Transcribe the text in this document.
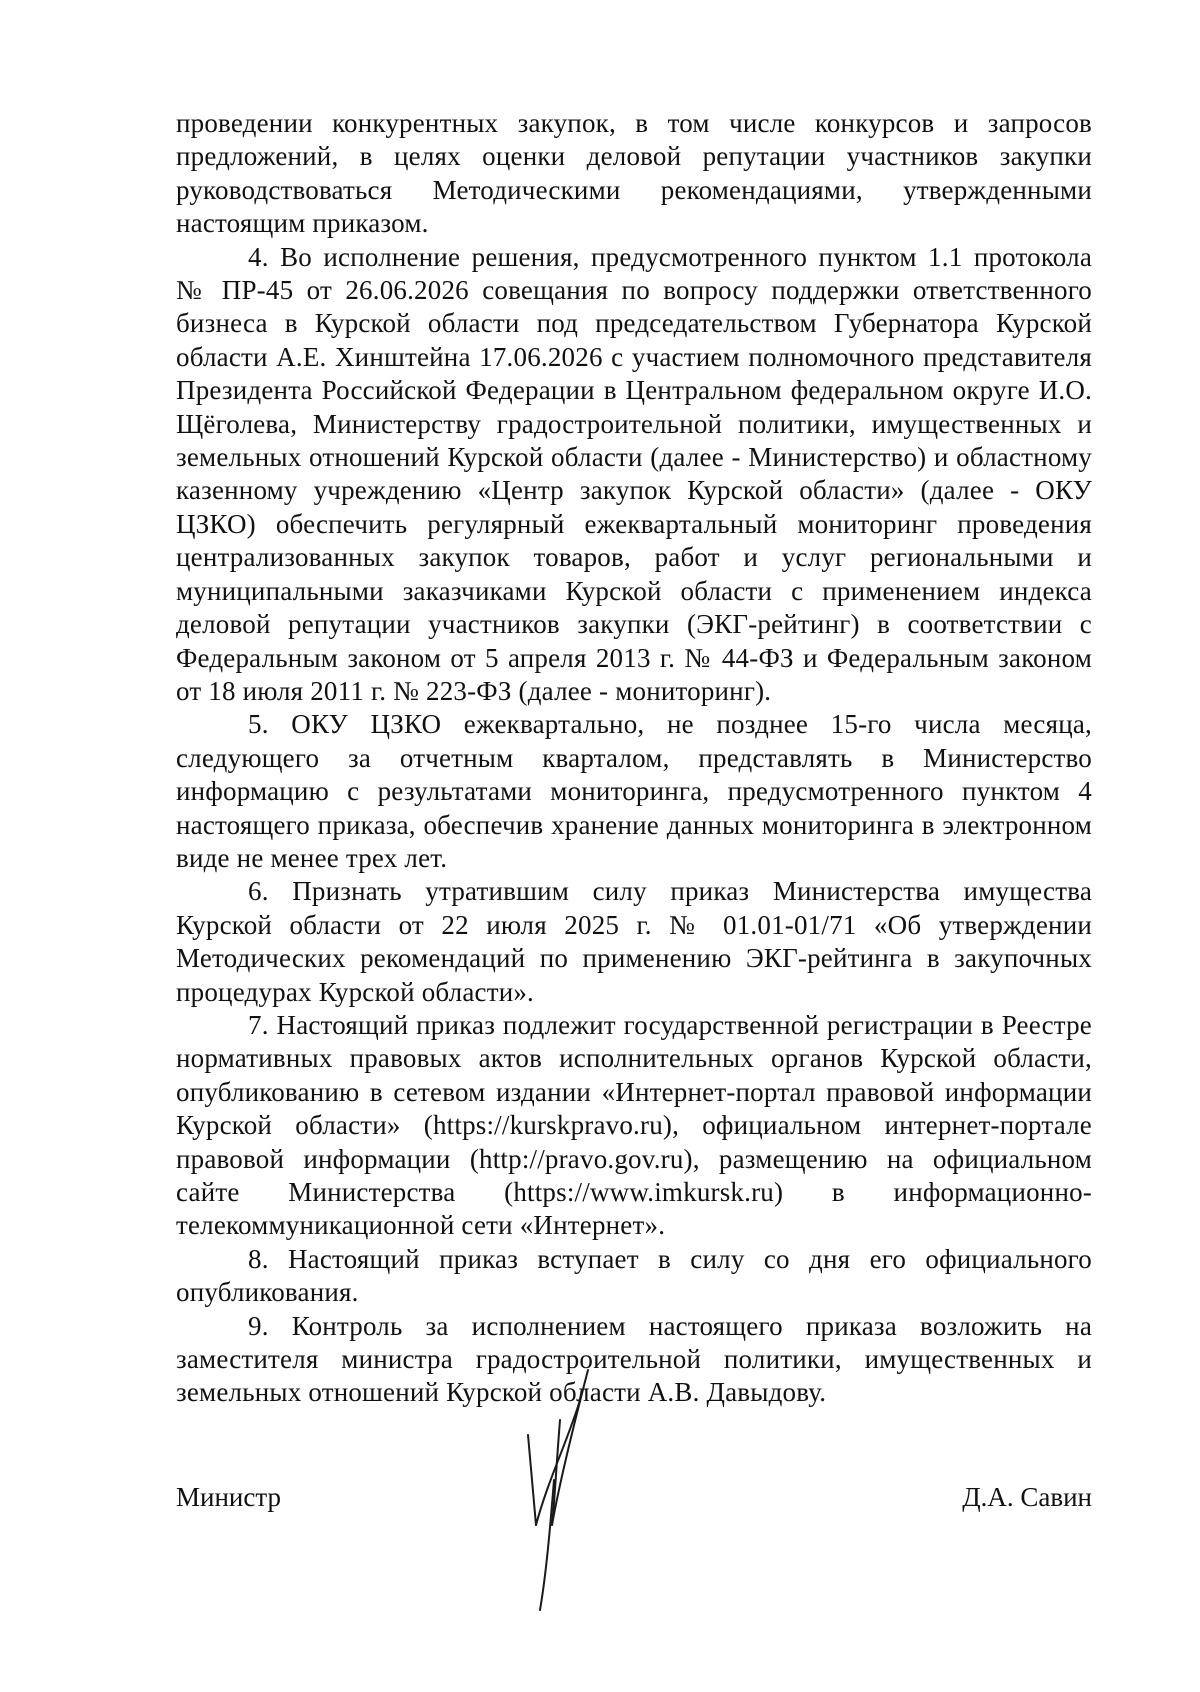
проведении конкурентных закупок, в том числе конкурсов и запросов предложений, в целях оценки деловой репутации участников закупки руководствоваться Методическими рекомендациями, утвержденными настоящим приказом.

4. Во исполнение решения, предусмотренного пунктом 1.1 протокола № ПР-45 от 26.06.2026 совещания по вопросу поддержки ответственного бизнеса в Курской области под председательством Губернатора Курской области А.Е. Хинштейна 17.06.2026 с участием полномочного представителя Президента Российской Федерации в Центральном федеральном округе И.О. Щёголева, Министерству градостроительной политики, имущественных и земельных отношений Курской области (далее - Министерство) и областному казенному учреждению «Центр закупок Курской области» (далее - ОКУ ЦЗКО) обеспечить регулярный ежеквартальный мониторинг проведения централизованных закупок товаров, работ и услуг региональными и муниципальными заказчиками Курской области с применением индекса деловой репутации участников закупки (ЭКГ-рейтинг) в соответствии с Федеральным законом от 5 апреля 2013 г. № 44-ФЗ и Федеральным законом от 18 июля 2011 г. № 223-ФЗ (далее - мониторинг).

5. ОКУ ЦЗКО ежеквартально, не позднее 15-го числа месяца, следующего за отчетным кварталом, представлять в Министерство информацию с результатами мониторинга, предусмотренного пунктом 4 настоящего приказа, обеспечив хранение данных мониторинга в электронном виде не менее трех лет.

6. Признать утратившим силу приказ Министерства имущества Курской области от 22 июля 2025 г. № 01.01-01/71 «Об утверждении Методических рекомендаций по применению ЭКГ-рейтинга в закупочных процедурах Курской области».

7. Настоящий приказ подлежит государственной регистрации в Реестре нормативных правовых актов исполнительных органов Курской области, опубликованию в сетевом издании «Интернет-портал правовой информации Курской области» (https://kurskpravo.ru), официальном интернет-портале правовой информации (http://pravo.gov.ru), размещению на официальном сайте Министерства (https://www.imkursk.ru) в информационно-телекоммуникационной сети «Интернет».

8. Настоящий приказ вступает в силу со дня его официального опубликования.

9. Контроль за исполнением настоящего приказа возложить на заместителя министра градостроительной политики, имущественных и земельных отношений Курской области А.В. Давыдову.

Министр	Д.А. Савин
